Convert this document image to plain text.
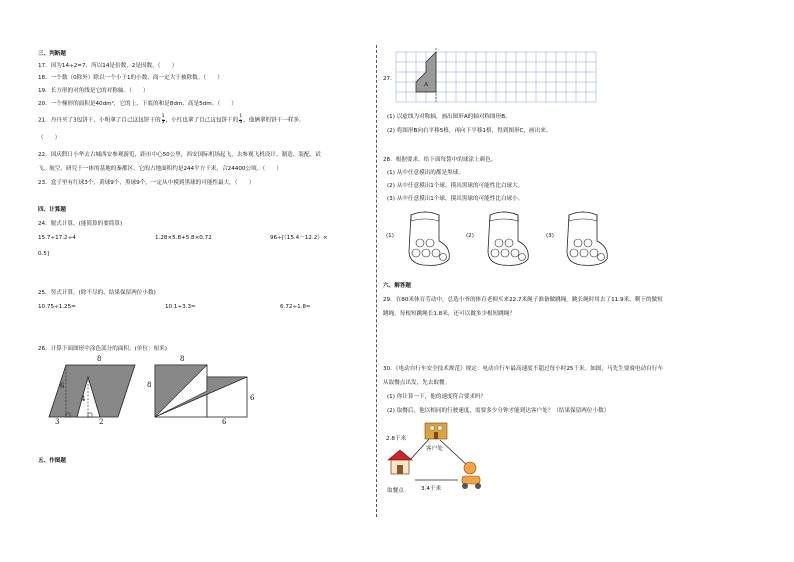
三、判断题
17．因为14÷2=7，所以14是倍数，2是因数。（　　）
18．一个数（0除外）除以一个小于1的小数，商一定大于被除数。（　　）
19．长方形的对角线是它的对称轴。（　　）
20．一个梯形的面积是40dm²，它的上、下底的和是8dm，高是5dm。（　　）
21．丹丹买了3包饼干，小明拿了自己这包饼干的 $\frac{1}{3}$ ，小红也拿了自己这包饼干的 $\frac{1}{3}$ ，他俩拿的饼干一样多。
（　　）
22．国庆假日小华去古城西安参观游览，距市中心50公里，西安国际机场起飞，去参观飞机设计、制造、装配、试
飞、航空、研究于一体的基地的秦都区，它的占地面积约是244平方千米，合24400公顷。（　　）
23．盒子里有红球3个，黄球9个，黑球9个，一定从中摸到黑球的可能性最大。（　　）
四、计算题
24．脱式计算。(能简算的要简算)
15.7÷17.2÷4	1.28×5.8+5.8×0.72	96÷[（15.4－12.2）×
0.5]
25．竖式计算。(除不尽的，结果保留两位小数)
10.75÷1.25=	10.1÷3.3≈	6.72÷1.8≈
26．计算下面图形中涂色部分的面积。(单位：厘米)
8
6
4
3	2
8
8
6
6
五、作图题
27．
A
(1) 以虚线为对称轴，画出图形A的轴对称图形B。
(2) 将图形B向右平移5格，再向下平移1格，得到图形C，画出来。
28．根据要求，给下面每袋中的球涂上颜色。
(1) 从中任意摸出的都是黑球。
(2) 从中任意摸出1个球，摸出黑球的可能性比白球大。
(3) 从中任意摸出1个球，摸出黑球的可能性比白球小。
(1)	(2)	(3)
六、解答题
29．在80米体育劳动中，总选小爷的体育老师买来22.7米绳子准备做跳绳。跳长绳时用去了11.9米，剩下的做短
跳绳。每根短跳绳长1.8米，还可以做多少根短跳绳？
30．《电动自行车安全技术规范》规定：电动自行车最高速度不超过每小时25千米。如图，马先生要骑电动自行车
从取餐点出发，先去取餐。
(1) 你计算一下，他的速度符合要求吗？
(2) 取餐后，他以相同的行驶速度，需要多少分钟才能到达客户处？（结果保留两位小数）
2.8千米
客户处
3.4千米
取餐点
